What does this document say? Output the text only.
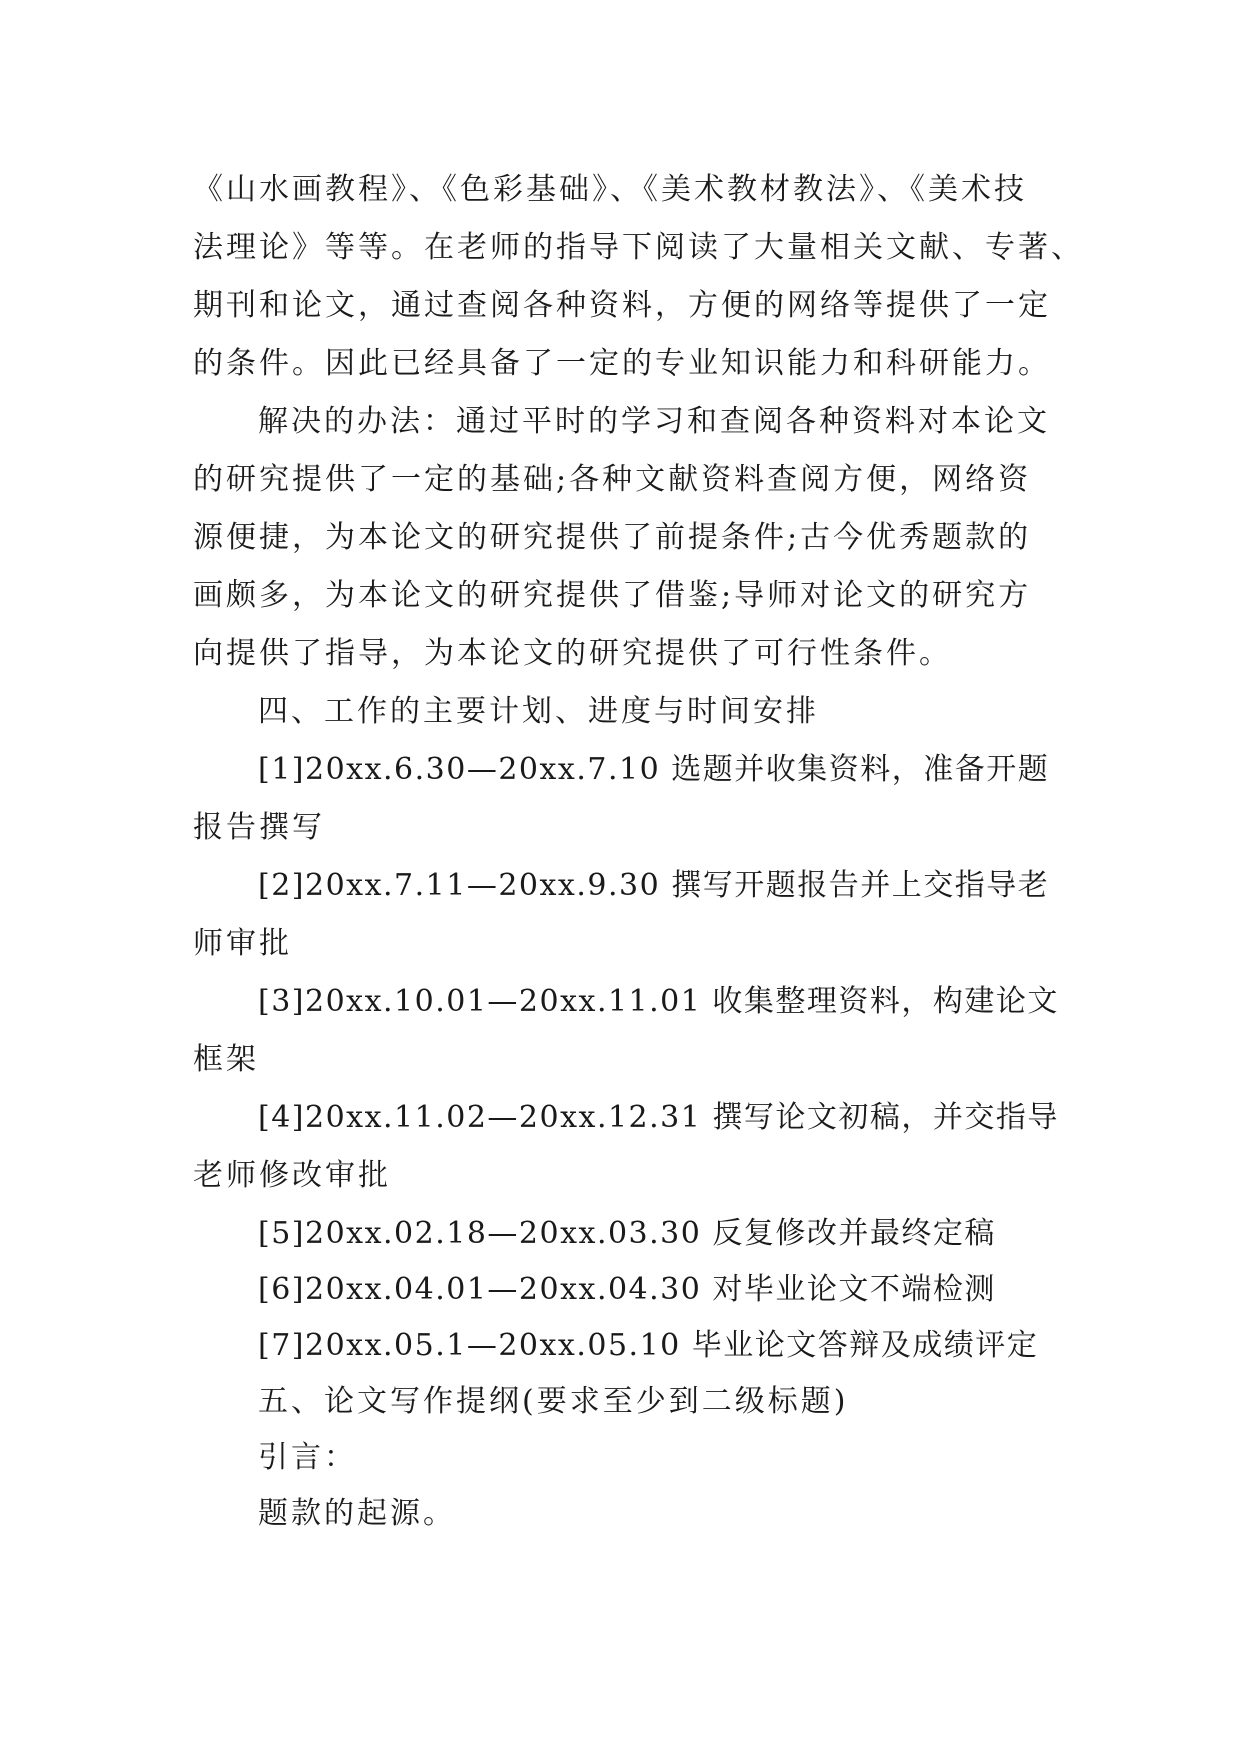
《山水画教程》、《色彩基础》、《美术教材教法》、《美术技

法理论》等等。在老师的指导下阅读了大量相关文献、专著、

期刊和论文，通过查阅各种资料，方便的网络等提供了一定

的条件。因此已经具备了一定的专业知识能力和科研能力。

解决的办法：通过平时的学习和查阅各种资料对本论文

的研究提供了一定的基础;各种文献资料查阅方便，网络资

源便捷，为本论文的研究提供了前提条件;古今优秀题款的

画颇多，为本论文的研究提供了借鉴;导师对论文的研究方

向提供了指导，为本论文的研究提供了可行性条件。

四、工作的主要计划、进度与时间安排

[1]20xx.6.30—20xx.7.10 选题并收集资料，准备开题

报告撰写

[2]20xx.7.11—20xx.9.30 撰写开题报告并上交指导老

师审批

[3]20xx.10.01—20xx.11.01 收集整理资料，构建论文

框架

[4]20xx.11.02—20xx.12.31 撰写论文初稿，并交指导

老师修改审批

[5]20xx.02.18—20xx.03.30 反复修改并最终定稿

[6]20xx.04.01—20xx.04.30 对毕业论文不端检测

[7]20xx.05.1—20xx.05.10 毕业论文答辩及成绩评定

五、论文写作提纲(要求至少到二级标题)

引言：

题款的起源。
